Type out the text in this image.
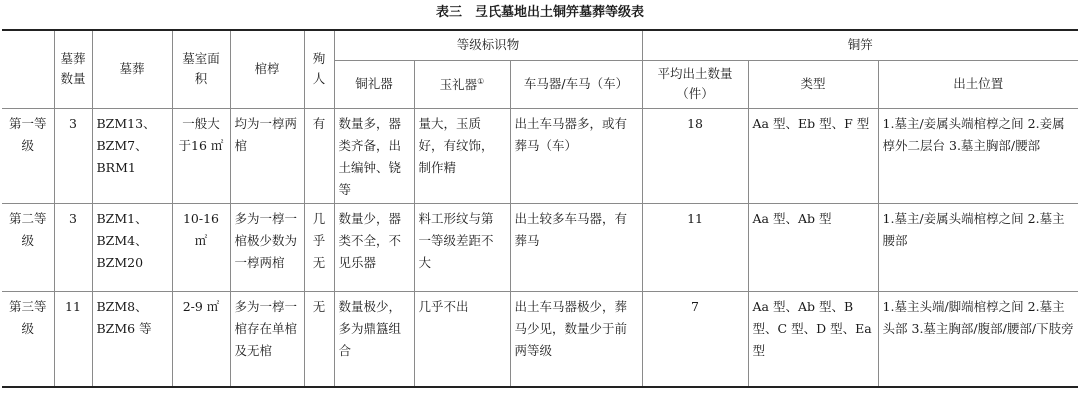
表三　弖氏墓地出土铜笄墓葬等级表
	墓葬数量	墓葬	墓室面积	棺椁	殉人	等级标识物			铜笄		
						铜礼器	玉礼器①	车马器/车马（车）	平均出土数量（件）	类型	出土位置
第一等级	3	BZM13、BZM7、BRM1	一般大于16 ㎡	均为一椁两棺	有	数量多，器类齐备，出土编钟、铙等	量大，玉质好，有纹饰，制作精	出土车马器多，或有葬马（车）	18	Aa 型、Eb 型、F 型	1.墓主/妾属头端棺椁之间 2.妾属椁外二层台 3.墓主胸部/腰部
第二等级	3	BZM1、BZM4、BZM20	10-16 ㎡	多为一椁一棺极少数为一椁两棺	几乎无	数量少，器类不全，不见乐器	料工形纹与第一等级差距不大	出土较多车马器，有葬马	11	Aa 型、Ab 型	1.墓主/妾属头端棺椁之间 2.墓主腰部
第三等级	11	BZM8、BZM6 等	2-9 ㎡	多为一椁一棺存在单棺及无棺	无	数量极少，多为鼎簋组合	几乎不出	出土车马器极少，葬马少见，数量少于前两等级	7	Aa 型、Ab 型、B 型、C 型、D 型、Ea 型	1.墓主头端/脚端棺椁之间 2.墓主头部 3.墓主胸部/腹部/腰部/下肢旁
